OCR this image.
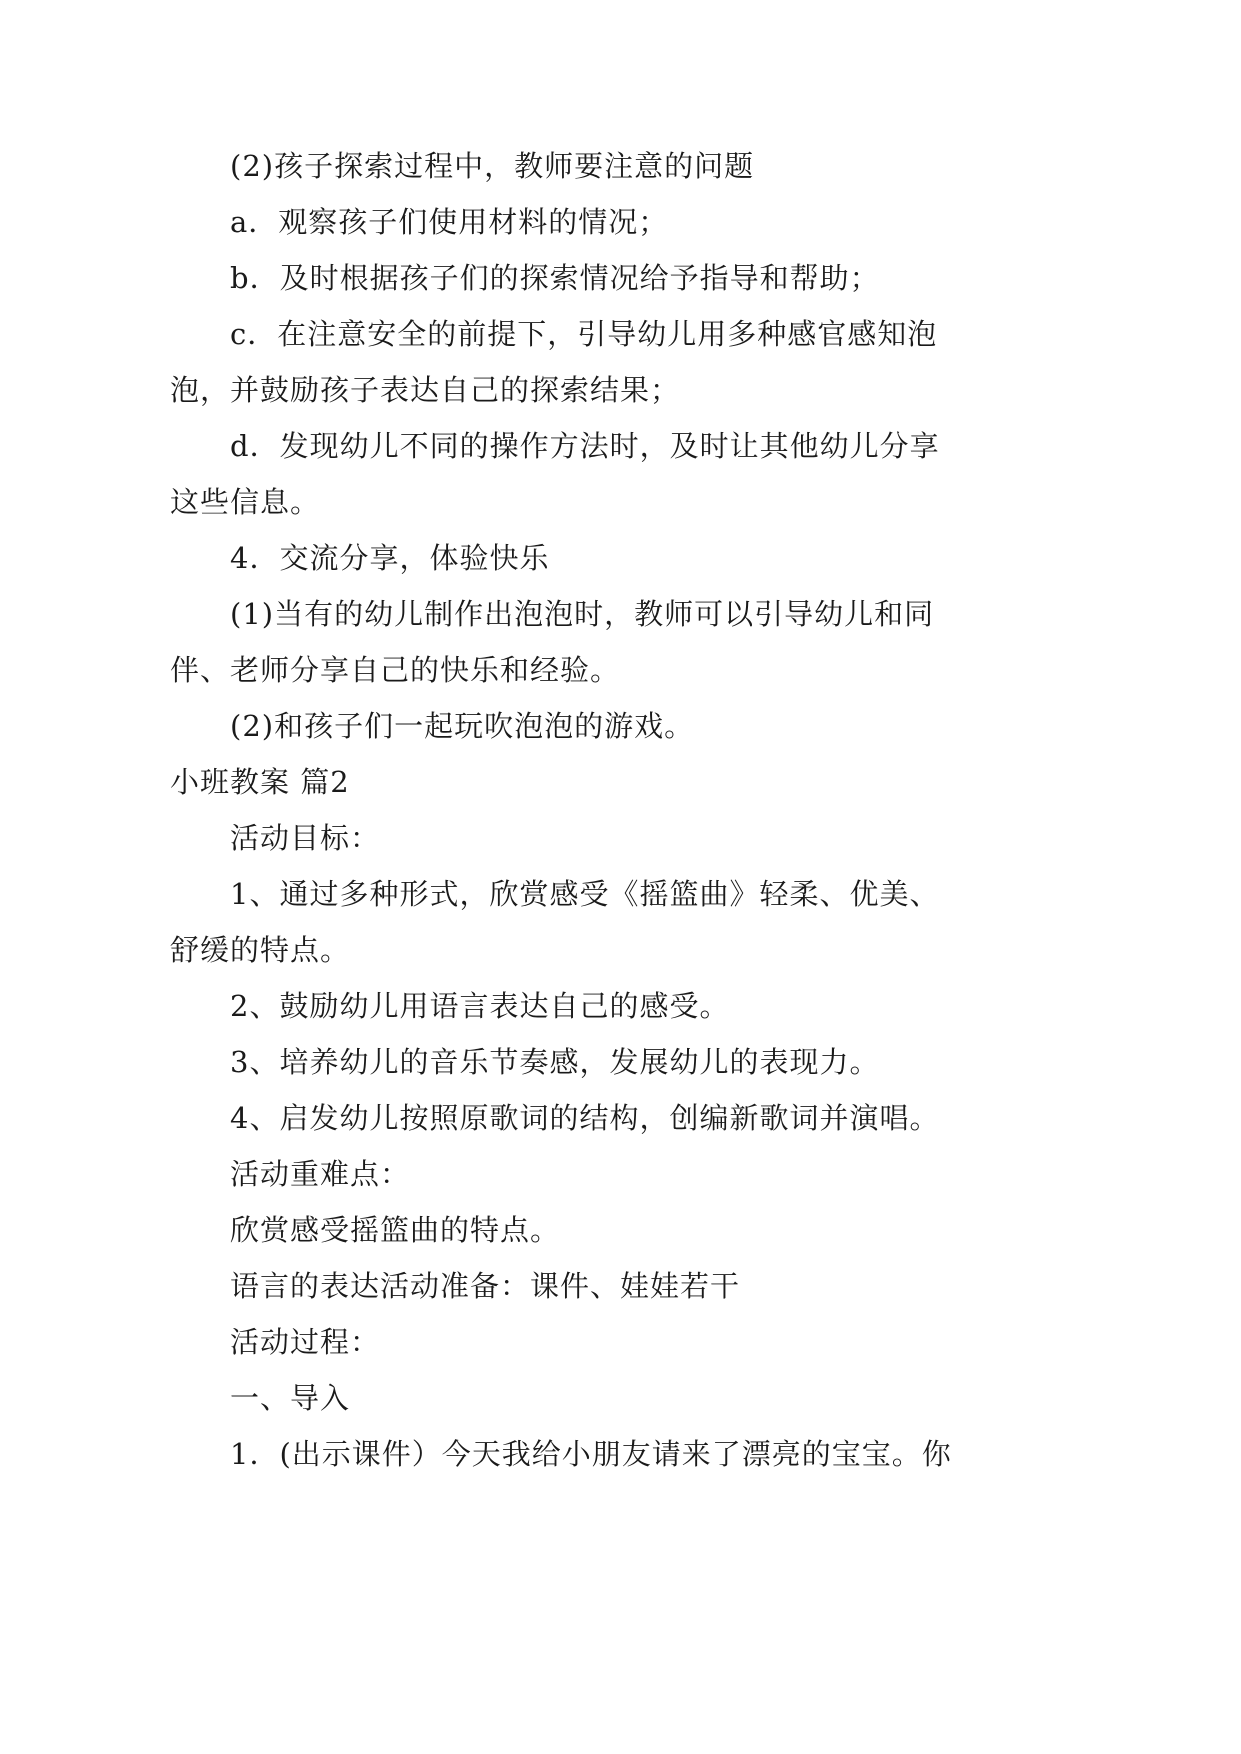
(2)孩子探索过程中，教师要注意的问题
a．观察孩子们使用材料的情况；
b．及时根据孩子们的探索情况给予指导和帮助；
c．在注意安全的前提下，引导幼儿用多种感官感知泡
泡，并鼓励孩子表达自己的探索结果；
d．发现幼儿不同的操作方法时，及时让其他幼儿分享
这些信息。
4．交流分享，体验快乐
(1)当有的幼儿制作出泡泡时，教师可以引导幼儿和同
伴、老师分享自己的快乐和经验。
(2)和孩子们一起玩吹泡泡的游戏。
小班教案 篇2
活动目标：
1、通过多种形式，欣赏感受《摇篮曲》轻柔、优美、
舒缓的特点。
2、鼓励幼儿用语言表达自己的感受。
3、培养幼儿的音乐节奏感，发展幼儿的表现力。
4、启发幼儿按照原歌词的结构，创编新歌词并演唱。
活动重难点：
欣赏感受摇篮曲的特点。
语言的表达活动准备：课件、娃娃若干
活动过程：
一、导入
1．(出示课件）今天我给小朋友请来了漂亮的宝宝。你
